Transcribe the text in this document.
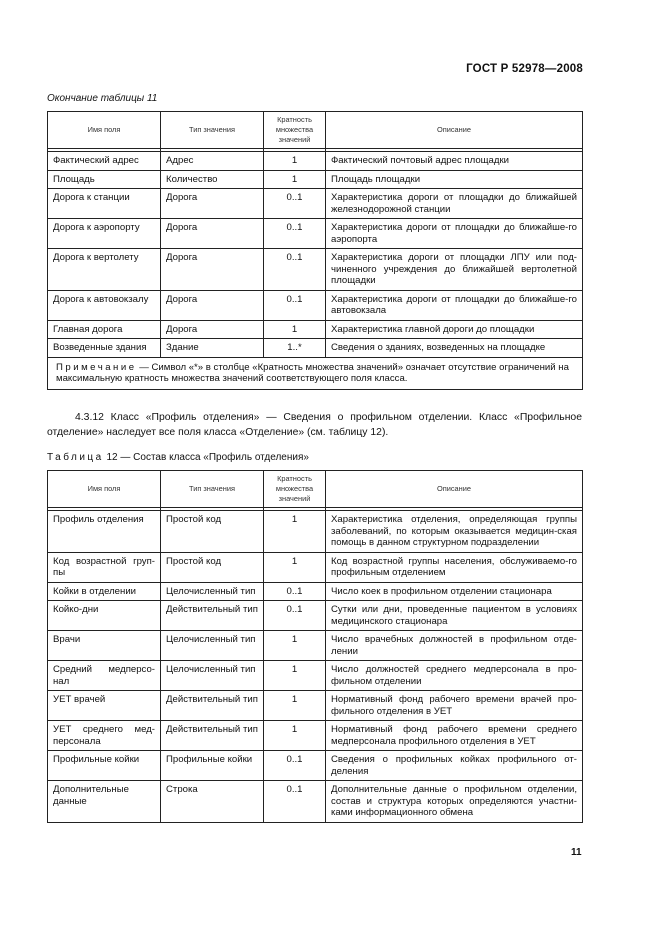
ГОСТ Р 52978—2008
Окончание таблицы 11
Имя поля	Тип значения	Кратность множества значений	Описание

Фактический адрес	Адрес	1	Фактический почтовый адрес площадки
Площадь	Количество	1	Площадь площадки
Дорога к станции	Дорога	0..1	Характеристика дороги от площадки до ближайшей железнодорожной станции
Дорога к аэропорту	Дорога	0..1	Характеристика дороги от площадки до ближайше-го аэропорта
Дорога к вертолету	Дорога	0..1	Характеристика дороги от площадки ЛПУ или под-чиненного учреждения до ближайшей вертолетной площадки
Дорога к автовокзалу	Дорога	0..1	Характеристика дороги от площадки до ближайше-го автовокзала
Главная дорога	Дорога	1	Характеристика главной дороги до площадки
Возведенные здания	Здание	1..*	Сведения о зданиях, возведенных на площадке
Примечание — Символ «*» в столбце «Кратность множества значений» означает отсутствие ограничений на максимальную кратность множества значений соответствующего поля класса.			
4.3.12 Класс «Профиль отделения» — Сведения о профильном отделении. Класс «Профильное отделение» наследует все поля класса «Отделение» (см. таблицу 12).
Таблица 12 — Состав класса «Профиль отделения»
Имя поля	Тип значения	Кратность множества значений	Описание

Профиль отделения	Простой код	1	Характеристика отделения, определяющая группы заболеваний, по которым оказывается медицин-ская помощь в данном структурном подразделении
Код возрастной груп-пы	Простой код	1	Код возрастной группы населения, обслуживаемо-го профильным отделением
Койки в отделении	Целочисленный тип	0..1	Число коек в профильном отделении стационара
Койко-дни	Действительный тип	0..1	Сутки или дни, проведенные пациентом в условиях медицинского стационара
Врачи	Целочисленный тип	1	Число врачебных должностей в профильном отде-лении
Средний медперсо-нал	Целочисленный тип	1	Число должностей среднего медперсонала в про-фильном отделении
УЕТ врачей	Действительный тип	1	Нормативный фонд рабочего времени врачей про-фильного отделения в УЕТ
УЕТ среднего мед-персонала	Действительный тип	1	Нормативный фонд рабочего времени среднего медперсонала профильного отделения в УЕТ
Профильные койки	Профильные койки	0..1	Сведения о профильных койках профильного от-деления
Дополнительные данные	Строка	0..1	Дополнительные данные о профильном отделении, состав и структура которых определяются участни-ками информационного обмена
11
